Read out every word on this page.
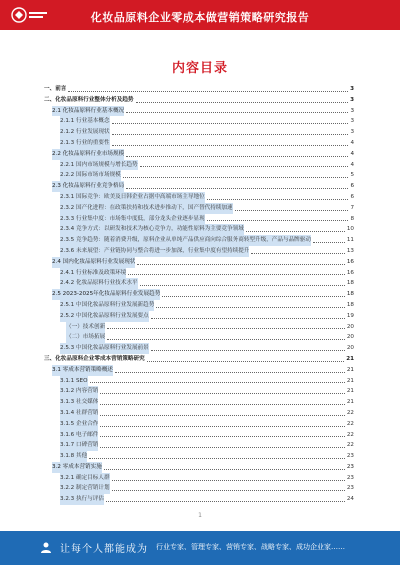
化妆品原料企业零成本做营销策略研究报告
内容目录
一、前言	3
二、化妆品原料行业整体分析及趋势	3
2.1 化妆品原料行业基本概况	3
2.1.1 行业基本概念	3
2.1.2 行业发展现状	3
2.1.3 行业的重要性	4
2.2 化妆品原料行业市场规模	4
2.2.1 国内市场规模与增长趋势	4
2.2.2 国际市场市场规模	5
2.3 化妆品原料行业竞争格局	6
2.3.1 国际竞争：欧美及日韩企业占据中高端市场主导地位	6
2.3.2 国产化进程：在政策扶持和技术进步推动下，国产替代持续加速	7
2.3.3 行业集中度：市场集中度低，部分龙头企业逐步显现	8
2.3.4 竞争方式：以研发和技术为核心竞争力，功能性原料为主要竞争领域	10
2.3.5 竞争趋势：随着消费升级，原料企业从单纯产品供应商向综合服务商转型升级，产品与品牌驱动	11
2.3.6 未来展望：产业链协同与整合将进一步加深，行业集中度有望持续提升	13
2.4 国内化妆品原料行业发展现状	16
2.4.1 行业标准及政策环境	16
2.4.2 化妆品原料行业技术水平	18
2.5 2023-2025年化妆品原料行业发展趋势	18
2.5.1 中国化妆品原料行业发展新趋势	18
2.5.2 中国化妆品原料行业发展要点	19
（一）技术创新	20
（二）市场拓展	20
2.5.3 中国化妆品原料行业发展前景	20
三、化妆品原料企业零成本营销策略研究	21
3.1 零成本营销策略概述	21
3.1.1 SEO	21
3.1.2 内容营销	21
3.1.3 社交媒体	21
3.1.4 社群营销	22
3.1.5 企业合作	22
3.1.6 电子邮件	22
3.1.7 口碑营销	22
3.1.8 其他	23
3.2 零成本营销实施	23
3.2.1 确定目标人群	23
3.2.2 制定营销计划	23
3.2.3 执行与评估	24
1
让每个人都能成为 行业专家、管理专家、营销专家、战略专家、成功企业家……
